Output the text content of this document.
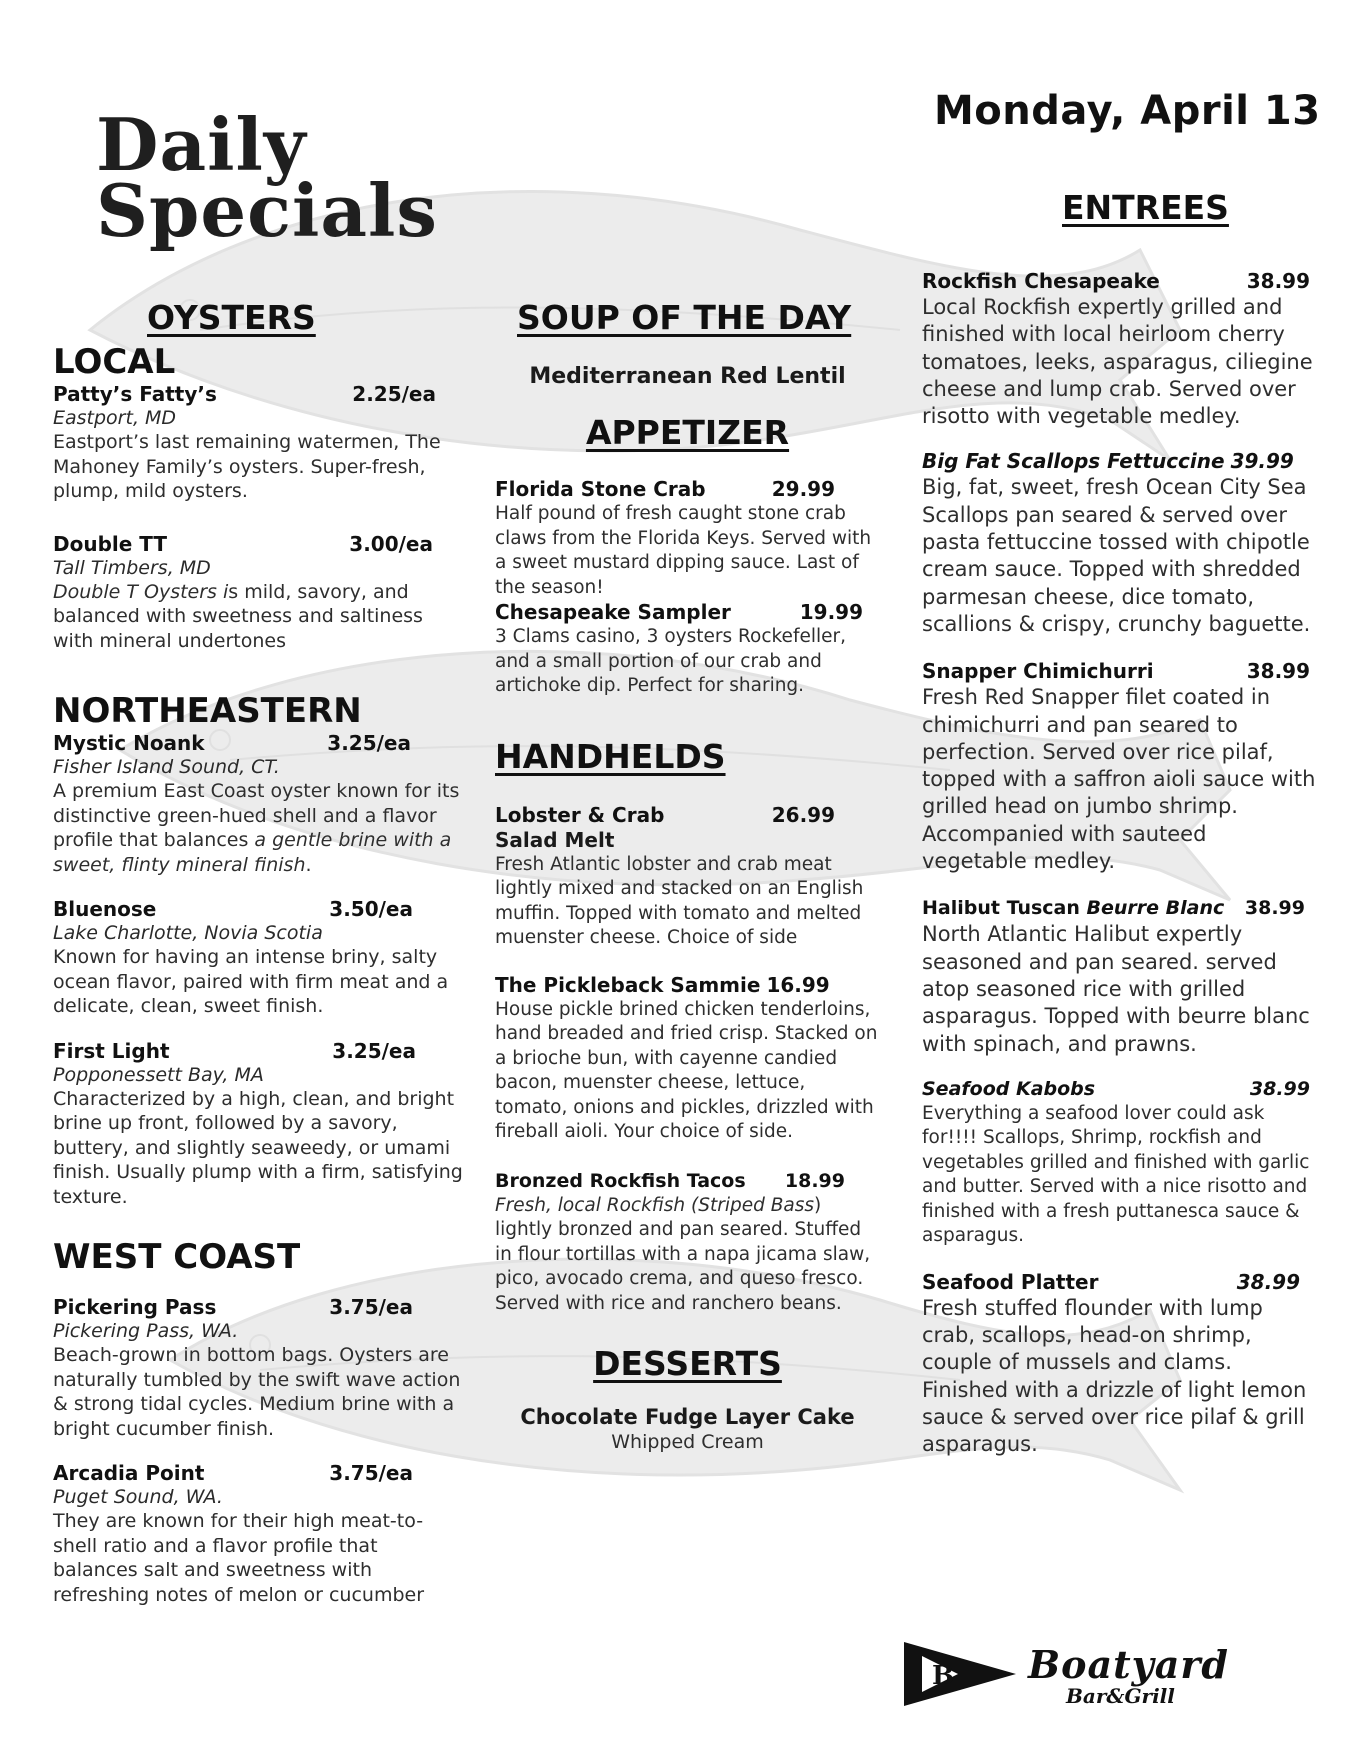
Daily
Specials
Monday, April 13
OYSTERS
LOCAL
Patty’s Fatty’s	2.25/ea
Eastport, MD
Eastport’s last remaining watermen, The Mahoney Family’s oysters. Super-fresh, plump, mild oysters.
Double TT	3.00/ea
Tall Timbers, MD
Double T Oysters is mild, savory, and balanced with sweetness and saltiness with mineral undertones
NORTHEASTERN
Mystic Noank	3.25/ea
Fisher Island Sound, CT.
A premium East Coast oyster known for its distinctive green-hued shell and a flavor profile that balances a gentle brine with a sweet, flinty mineral finish.
Bluenose	3.50/ea
Lake Charlotte, Novia Scotia
Known for having an intense briny, salty ocean flavor, paired with firm meat and a delicate, clean, sweet finish.
First Light	3.25/ea
Popponessett Bay, MA
Characterized by a high, clean, and bright brine up front, followed by a savory, buttery, and slightly seaweedy, or umami finish. Usually plump with a firm, satisfying texture.
WEST COAST
Pickering Pass	3.75/ea
Pickering Pass, WA.
Beach-grown in bottom bags. Oysters are naturally tumbled by the swift wave action & strong tidal cycles. Medium brine with a bright cucumber finish.
Arcadia Point	3.75/ea
Puget Sound, WA.
They are known for their high meat-to-shell ratio and a flavor profile that balances salt and sweetness with refreshing notes of melon or cucumber
SOUP OF THE DAY
Mediterranean Red Lentil
APPETIZER
Florida Stone Crab	29.99
Half pound of fresh caught stone crab claws from the Florida Keys. Served with a sweet mustard dipping sauce. Last of the season!
Chesapeake Sampler	19.99
3 Clams casino, 3 oysters Rockefeller, and a small portion of our crab and artichoke dip. Perfect for sharing.
HANDHELDS
Lobster & Crab	26.99
Salad Melt
Fresh Atlantic lobster and crab meat lightly mixed and stacked on an English muffin. Topped with tomato and melted muenster cheese. Choice of side
The Pickleback Sammie 16.99
House pickle brined chicken tenderloins, hand breaded and fried crisp. Stacked on a brioche bun, with cayenne candied bacon, muenster cheese, lettuce, tomato, onions and pickles, drizzled with fireball aioli. Your choice of side.
Bronzed Rockfish Tacos 18.99
Fresh, local Rockfish (Striped Bass) lightly bronzed and pan seared. Stuffed in flour tortillas with a napa jicama slaw, pico, avocado crema, and queso fresco. Served with rice and ranchero beans.
DESSERTS
Chocolate Fudge Layer Cake
Whipped Cream
ENTREES
Rockfish Chesapeake	38.99
Local Rockfish expertly grilled and finished with local heirloom cherry tomatoes, leeks, asparagus, ciliegine cheese and lump crab. Served over risotto with vegetable medley.
Big Fat Scallops Fettuccine 39.99
Big, fat, sweet, fresh Ocean City Sea Scallops pan seared & served over pasta fettuccine tossed with chipotle cream sauce. Topped with shredded parmesan cheese, dice tomato, scallions & crispy, crunchy baguette.
Snapper Chimichurri	38.99
Fresh Red Snapper filet coated in chimichurri and pan seared to perfection. Served over rice pilaf, topped with a saffron aioli sauce with grilled head on jumbo shrimp. Accompanied with sauteed vegetable medley.
Halibut Tuscan Beurre Blanc 38.99
North Atlantic Halibut expertly seasoned and pan seared. served atop seasoned rice with grilled asparagus. Topped with beurre blanc with spinach, and prawns.
Seafood Kabobs	38.99
Everything a seafood lover could ask for!!!! Scallops, Shrimp, rockfish and vegetables grilled and finished with garlic and butter. Served with a nice risotto and finished with a fresh puttanesca sauce & asparagus.
Seafood Platter	38.99
Fresh stuffed flounder with lump crab, scallops, head-on shrimp, couple of mussels and clams. Finished with a drizzle of light lemon sauce & served over rice pilaf & grill asparagus.
B Boatyard
Bar&Grill
